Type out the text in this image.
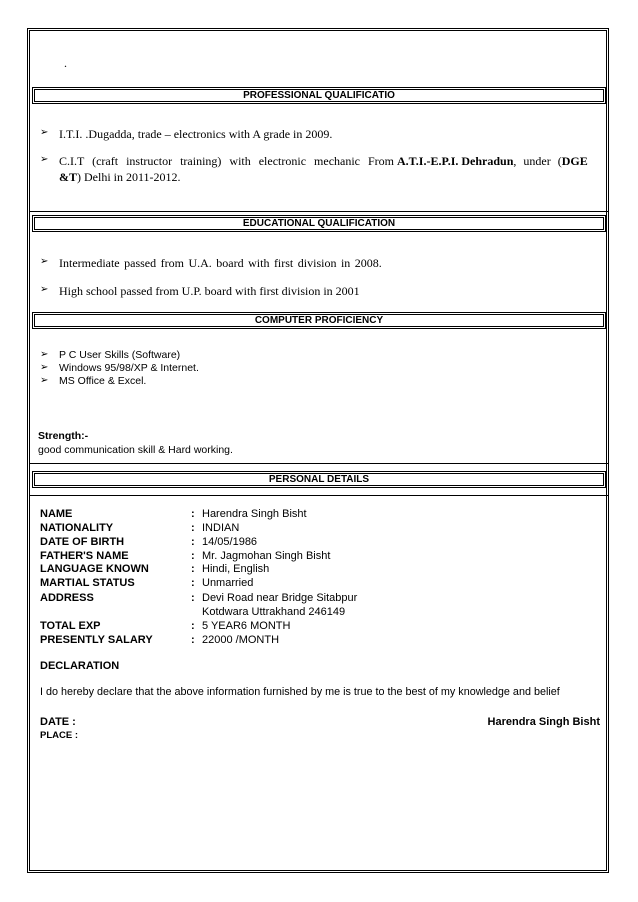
.
PROFESSIONAL QUALIFICATIO
➢ I.T.I. .Dugadda, trade – electronics with A grade in 2009.
➢ C.I.T (craft instructor training) with electronic mechanic From A.T.I.-E.P.I. Dehradun, under (DGE
&T) Delhi in 2011-2012.
EDUCATIONAL QUALIFICATION
➢ Intermediate passed from U.A. board with first division in 2008.
➢ High school passed from U.P. board with first division in 2001
COMPUTER PROFICIENCY
➢ P C User Skills (Software)
➢ Windows 95/98/XP & Internet.
➢ MS Office & Excel.
Strength:-
good communication skill & Hard working.
PERSONAL DETAILS
NAME	: Harendra Singh Bisht
NATIONALITY	: INDIAN
DATE OF BIRTH	: 14/05/1986
FATHER'S NAME	: Mr. Jagmohan Singh Bisht
LANGUAGE KNOWN	: Hindi, English
MARTIAL STATUS	: Unmarried
ADDRESS	: Devi Road near Bridge Sitabpur
Kotdwara Uttrakhand 246149
TOTAL EXP	: 5 YEAR6 MONTH
PRESENTLY SALARY	: 22000 /MONTH
DECLARATION
I do hereby declare that the above information furnished by me is true to the best of my knowledge and belief
DATE :
PLACE :
Harendra Singh Bisht
